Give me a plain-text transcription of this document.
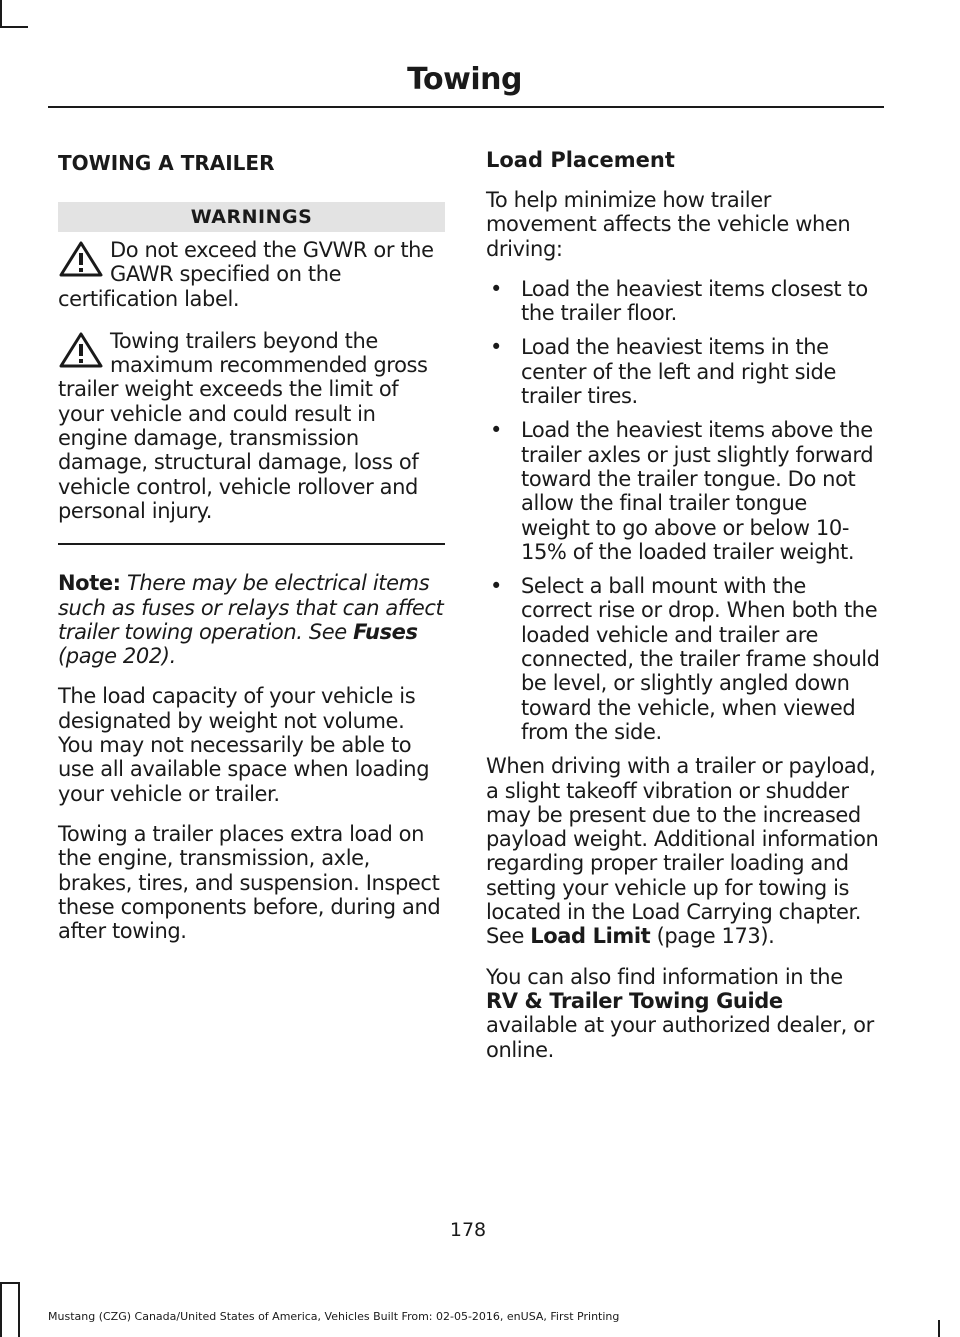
Towing
TOWING A TRAILER
WARNINGS
Do not exceed the GVWR or the GAWR specified on the certification label.
Towing trailers beyond the maximum recommended gross trailer weight exceeds the limit of your vehicle and could result in engine damage, transmission damage, structural damage, loss of vehicle control, vehicle rollover and personal injury.

Note: There may be electrical items such as fuses or relays that can affect trailer towing operation. See Fuses (page 202).

The load capacity of your vehicle is designated by weight not volume. You may not necessarily be able to use all available space when loading your vehicle or trailer.

Towing a trailer places extra load on the engine, transmission, axle, brakes, tires, and suspension. Inspect these components before, during and after towing.

Load Placement

To help minimize how trailer movement affects the vehicle when driving:

• Load the heaviest items closest to the trailer floor.
• Load the heaviest items in the center of the left and right side trailer tires.
• Load the heaviest items above the trailer axles or just slightly forward toward the trailer tongue. Do not allow the final trailer tongue weight to go above or below 10-15% of the loaded trailer weight.
• Select a ball mount with the correct rise or drop. When both the loaded vehicle and trailer are connected, the trailer frame should be level, or slightly angled down toward the vehicle, when viewed from the side.

When driving with a trailer or payload, a slight takeoff vibration or shudder may be present due to the increased payload weight. Additional information regarding proper trailer loading and setting your vehicle up for towing is located in the Load Carrying chapter. See Load Limit (page 173).

You can also find information in the RV & Trailer Towing Guide available at your authorized dealer, or online.

178
Mustang (CZG) Canada/United States of America, Vehicles Built From: 02-05-2016, enUSA, First Printing
